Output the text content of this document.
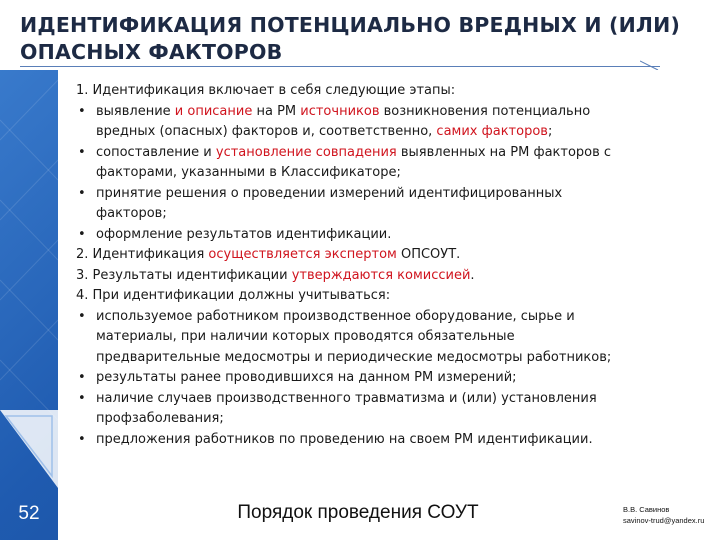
ИДЕНТИФИКАЦИЯ ПОТЕНЦИАЛЬНО ВРЕДНЫХ И (ИЛИ) ОПАСНЫХ ФАКТОРОВ
1. Идентификация включает в себя следующие этапы:
• выявление и описание на РМ источников возникновения потенциально
вредных (опасных) факторов и, соответственно, самих факторов;
• сопоставление и установление совпадения выявленных на РМ факторов с
факторами, указанными в Классификаторе;
• принятие решения о проведении измерений идентифицированных
факторов;
• оформление результатов идентификации.
2. Идентификация осуществляется экспертом ОПСОУТ.
3. Результаты идентификации утверждаются комиссией.
4. При идентификации должны учитываться:
• используемое работником производственное оборудование, сырье и
материалы, при наличии которых проводятся обязательные
предварительные медосмотры и периодические медосмотры работников;
• результаты ранее проводившихся на данном РМ измерений;
• наличие случаев производственного травматизма и (или) установления
профзаболевания;
• предложения работников по проведению на своем РМ идентификации.
Порядок проведения СОУТ	В.В. Савинов
savinov-trud@yandex.ru
52
